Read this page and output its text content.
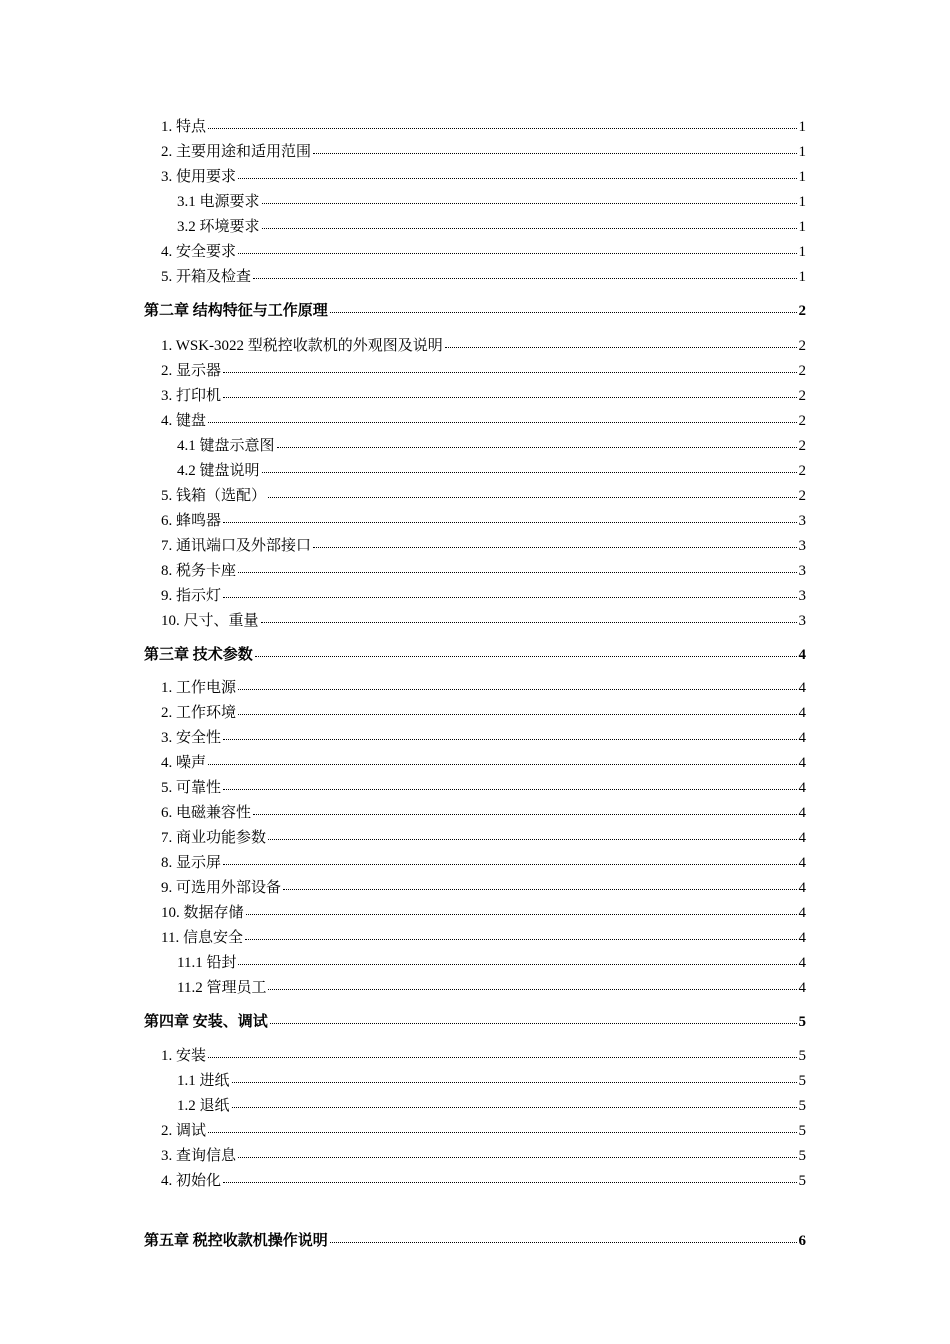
1. 特点	1
2. 主要用途和适用范围	1
3. 使用要求	1
3.1 电源要求	1
3.2 环境要求	1
4. 安全要求	1
5. 开箱及检查	1
第二章 结构特征与工作原理	2
1. WSK-3022 型税控收款机的外观图及说明	2
2. 显示器	2
3. 打印机	2
4. 键盘	2
4.1 键盘示意图	2
4.2 键盘说明	2
5. 钱箱（选配）	2
6. 蜂鸣器	3
7. 通讯端口及外部接口	3
8. 税务卡座	3
9. 指示灯	3
10. 尺寸、重量	3
第三章 技术参数	4
1. 工作电源	4
2. 工作环境	4
3. 安全性	4
4. 噪声	4
5. 可靠性	4
6. 电磁兼容性	4
7. 商业功能参数	4
8. 显示屏	4
9. 可选用外部设备	4
10. 数据存储	4
11. 信息安全	4
11.1 铅封	4
11.2 管理员工	4
第四章 安装、调试	5
1. 安装	5
1.1 进纸	5
1.2 退纸	5
2. 调试	5
3. 查询信息	5
4. 初始化	5
第五章 税控收款机操作说明	6
